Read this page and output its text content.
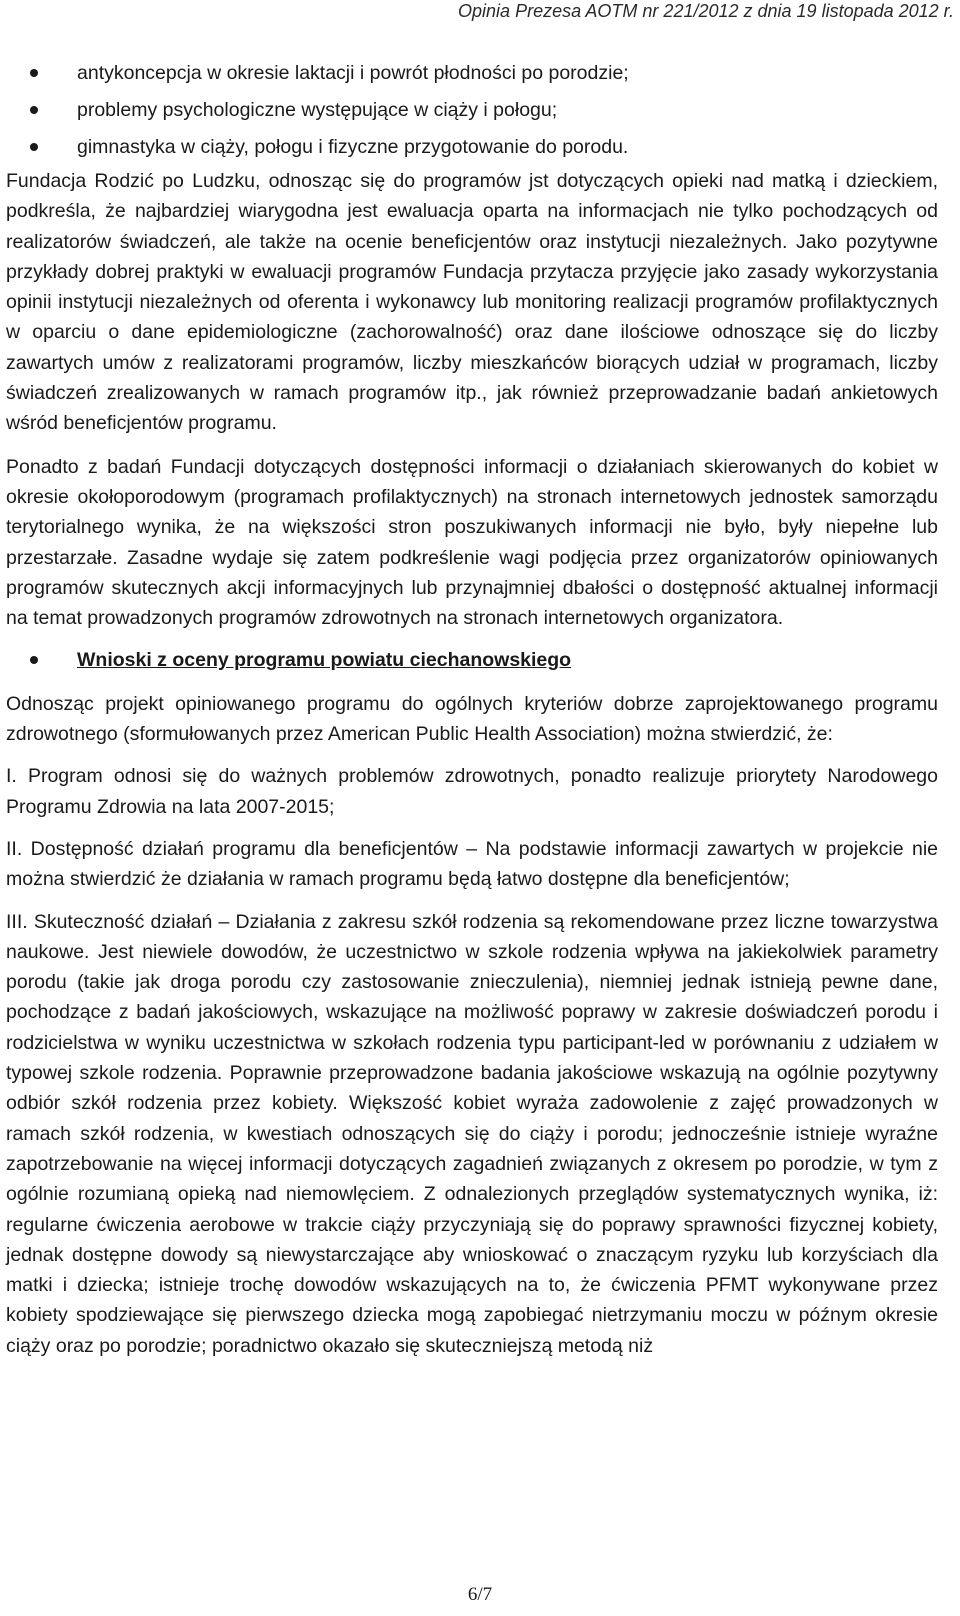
Opinia Prezesa AOTM nr 221/2012 z dnia 19 listopada 2012 r.
antykoncepcja w okresie laktacji i powrót płodności po porodzie;
problemy psychologiczne występujące w ciąży i połogu;
gimnastyka w ciąży, połogu i fizyczne przygotowanie do porodu.

Fundacja Rodzić po Ludzku, odnosząc się do programów jst dotyczących opieki nad matką i dzieckiem, podkreśla, że najbardziej wiarygodna jest ewaluacja oparta na informacjach nie tylko pochodzących od realizatorów świadczeń, ale także na ocenie beneficjentów oraz instytucji niezależnych. Jako pozytywne przykłady dobrej praktyki w ewaluacji programów Fundacja przytacza przyjęcie jako zasady wykorzystania opinii instytucji niezależnych od oferenta i wykonawcy lub monitoring realizacji programów profilaktycznych w oparciu o dane epidemiologiczne (zachorowalność) oraz dane ilościowe odnoszące się do liczby zawartych umów z realizatorami programów, liczby mieszkańców biorących udział w programach, liczby świadczeń zrealizowanych w ramach programów itp., jak również przeprowadzanie badań ankietowych wśród beneficjentów programu.

Ponadto z badań Fundacji dotyczących dostępności informacji o działaniach skierowanych do kobiet w okresie okołoporodowym (programach profilaktycznych) na stronach internetowych jednostek samorządu terytorialnego wynika, że na większości stron poszukiwanych informacji nie było, były niepełne lub przestarzałe. Zasadne wydaje się zatem podkreślenie wagi podjęcia przez organizatorów opiniowanych programów skutecznych akcji informacyjnych lub przynajmniej dbałości o dostępność aktualnej informacji na temat prowadzonych programów zdrowotnych na stronach internetowych organizatora.

Wnioski z oceny programu powiatu ciechanowskiego

Odnosząc projekt opiniowanego programu do ogólnych kryteriów dobrze zaprojektowanego programu zdrowotnego (sformułowanych przez American Public Health Association) można stwierdzić, że:

I. Program odnosi się do ważnych problemów zdrowotnych, ponadto realizuje priorytety Narodowego Programu Zdrowia na lata 2007-2015;

II. Dostępność działań programu dla beneficjentów – Na podstawie informacji zawartych w projekcie nie można stwierdzić że działania w ramach programu będą łatwo dostępne dla beneficjentów;

III. Skuteczność działań – Działania z zakresu szkół rodzenia są rekomendowane przez liczne towarzystwa naukowe. Jest niewiele dowodów, że uczestnictwo w szkole rodzenia wpływa na jakiekolwiek parametry porodu (takie jak droga porodu czy zastosowanie znieczulenia), niemniej jednak istnieją pewne dane, pochodzące z badań jakościowych, wskazujące na możliwość poprawy w zakresie doświadczeń porodu i rodzicielstwa w wyniku uczestnictwa w szkołach rodzenia typu participant-led w porównaniu z udziałem w typowej szkole rodzenia. Poprawnie przeprowadzone badania jakościowe wskazują na ogólnie pozytywny odbiór szkół rodzenia przez kobiety. Większość kobiet wyraża zadowolenie z zajęć prowadzonych w ramach szkół rodzenia, w kwestiach odnoszących się do ciąży i porodu; jednocześnie istnieje wyraźne zapotrzebowanie na więcej informacji dotyczących zagadnień związanych z okresem po porodzie, w tym z ogólnie rozumianą opieką nad niemowlęciem. Z odnalezionych przeglądów systematycznych wynika, iż: regularne ćwiczenia aerobowe w trakcie ciąży przyczyniają się do poprawy sprawności fizycznej kobiety, jednak dostępne dowody są niewystarczające aby wnioskować o znaczącym ryzyku lub korzyściach dla matki i dziecka; istnieje trochę dowodów wskazujących na to, że ćwiczenia PFMT wykonywane przez kobiety spodziewające się pierwszego dziecka mogą zapobiegać nietrzymaniu moczu w późnym okresie ciąży oraz po porodzie; poradnictwo okazało się skuteczniejszą metodą niż

6/7
